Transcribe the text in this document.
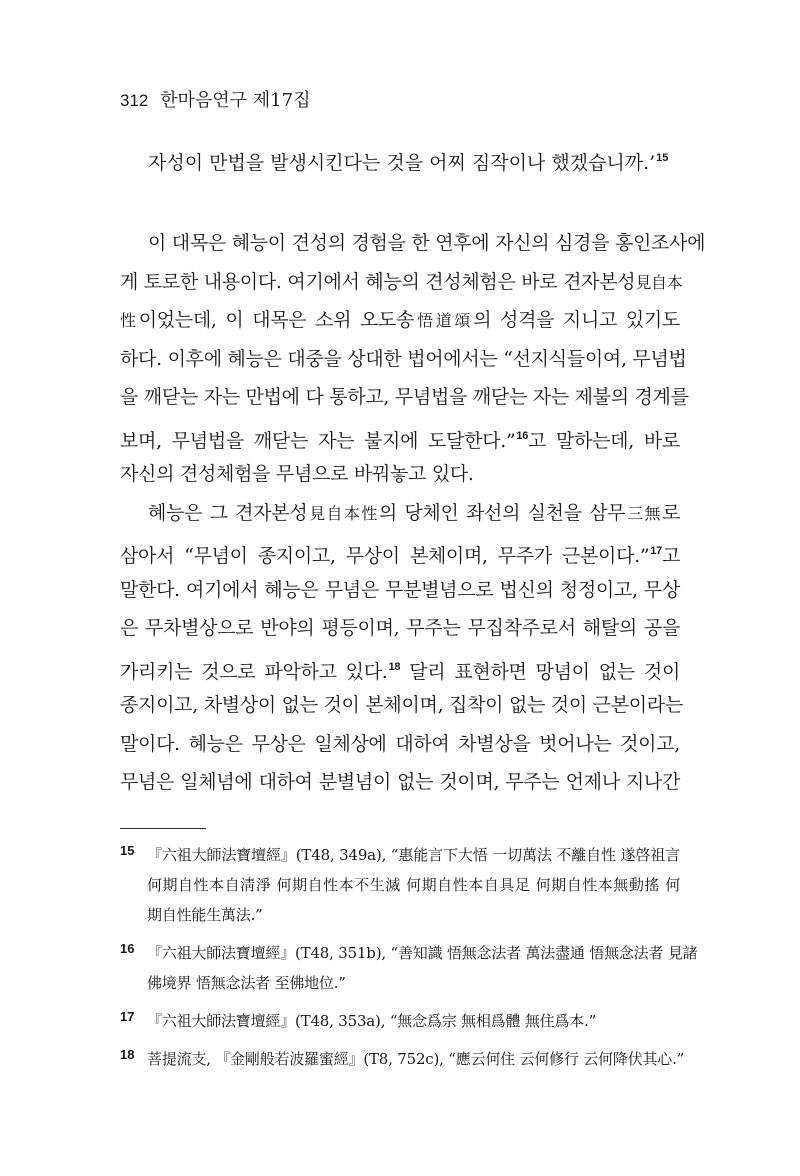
312 한마음연구 제17집
자성이 만법을 발생시킨다는 것을 어찌 짐작이나 했겠습니까.’$^{15}$
이 대목은 혜능이 견성의 경험을 한 연후에 자신의 심경을 홍인조사에
게 토로한 내용이다. 여기에서 혜능의 견성체험은 바로 견자본성見自本
性이었는데, 이 대목은 소위 오도송悟道頌의 성격을 지니고 있기도
하다. 이후에 혜능은 대중을 상대한 법어에서는 “선지식들이여, 무념법
을 깨닫는 자는 만법에 다 통하고, 무념법을 깨닫는 자는 제불의 경계를
보며, 무념법을 깨닫는 자는 불지에 도달한다.”$^{16}$고 말하는데, 바로
자신의 견성체험을 무념으로 바꿔놓고 있다.
혜능은 그 견자본성見自本性의 당체인 좌선의 실천을 삼무三無로
삼아서 “무념이 종지이고, 무상이 본체이며, 무주가 근본이다.”$^{17}$고
말한다. 여기에서 혜능은 무념은 무분별념으로 법신의 청정이고, 무상
은 무차별상으로 반야의 평등이며, 무주는 무집착주로서 해탈의 공을
가리키는 것으로 파악하고 있다.$^{18}$ 달리 표현하면 망념이 없는 것이
종지이고, 차별상이 없는 것이 본체이며, 집착이 없는 것이 근본이라는
말이다. 혜능은 무상은 일체상에 대하여 차별상을 벗어나는 것이고,
무념은 일체념에 대하여 분별념이 없는 것이며, 무주는 언제나 지나간
15 『六祖大師法寶壇經』(T48, 349a), “惠能言下大悟 一切萬法 不離自性 遂啓祖言
何期自性本自淸淨 何期自性本不生滅 何期自性本自具足 何期自性本無動搖 何
期自性能生萬法.”
16 『六祖大師法寶壇經』(T48, 351b), “善知識 悟無念法者 萬法盡通 悟無念法者 見諸
佛境界 悟無念法者 至佛地位.”
17 『六祖大師法寶壇經』(T48, 353a), “無念爲宗 無相爲體 無住爲本.”
18 菩提流支, 『金剛般若波羅蜜經』(T8, 752c), “應云何住 云何修行 云何降伏其心.”
